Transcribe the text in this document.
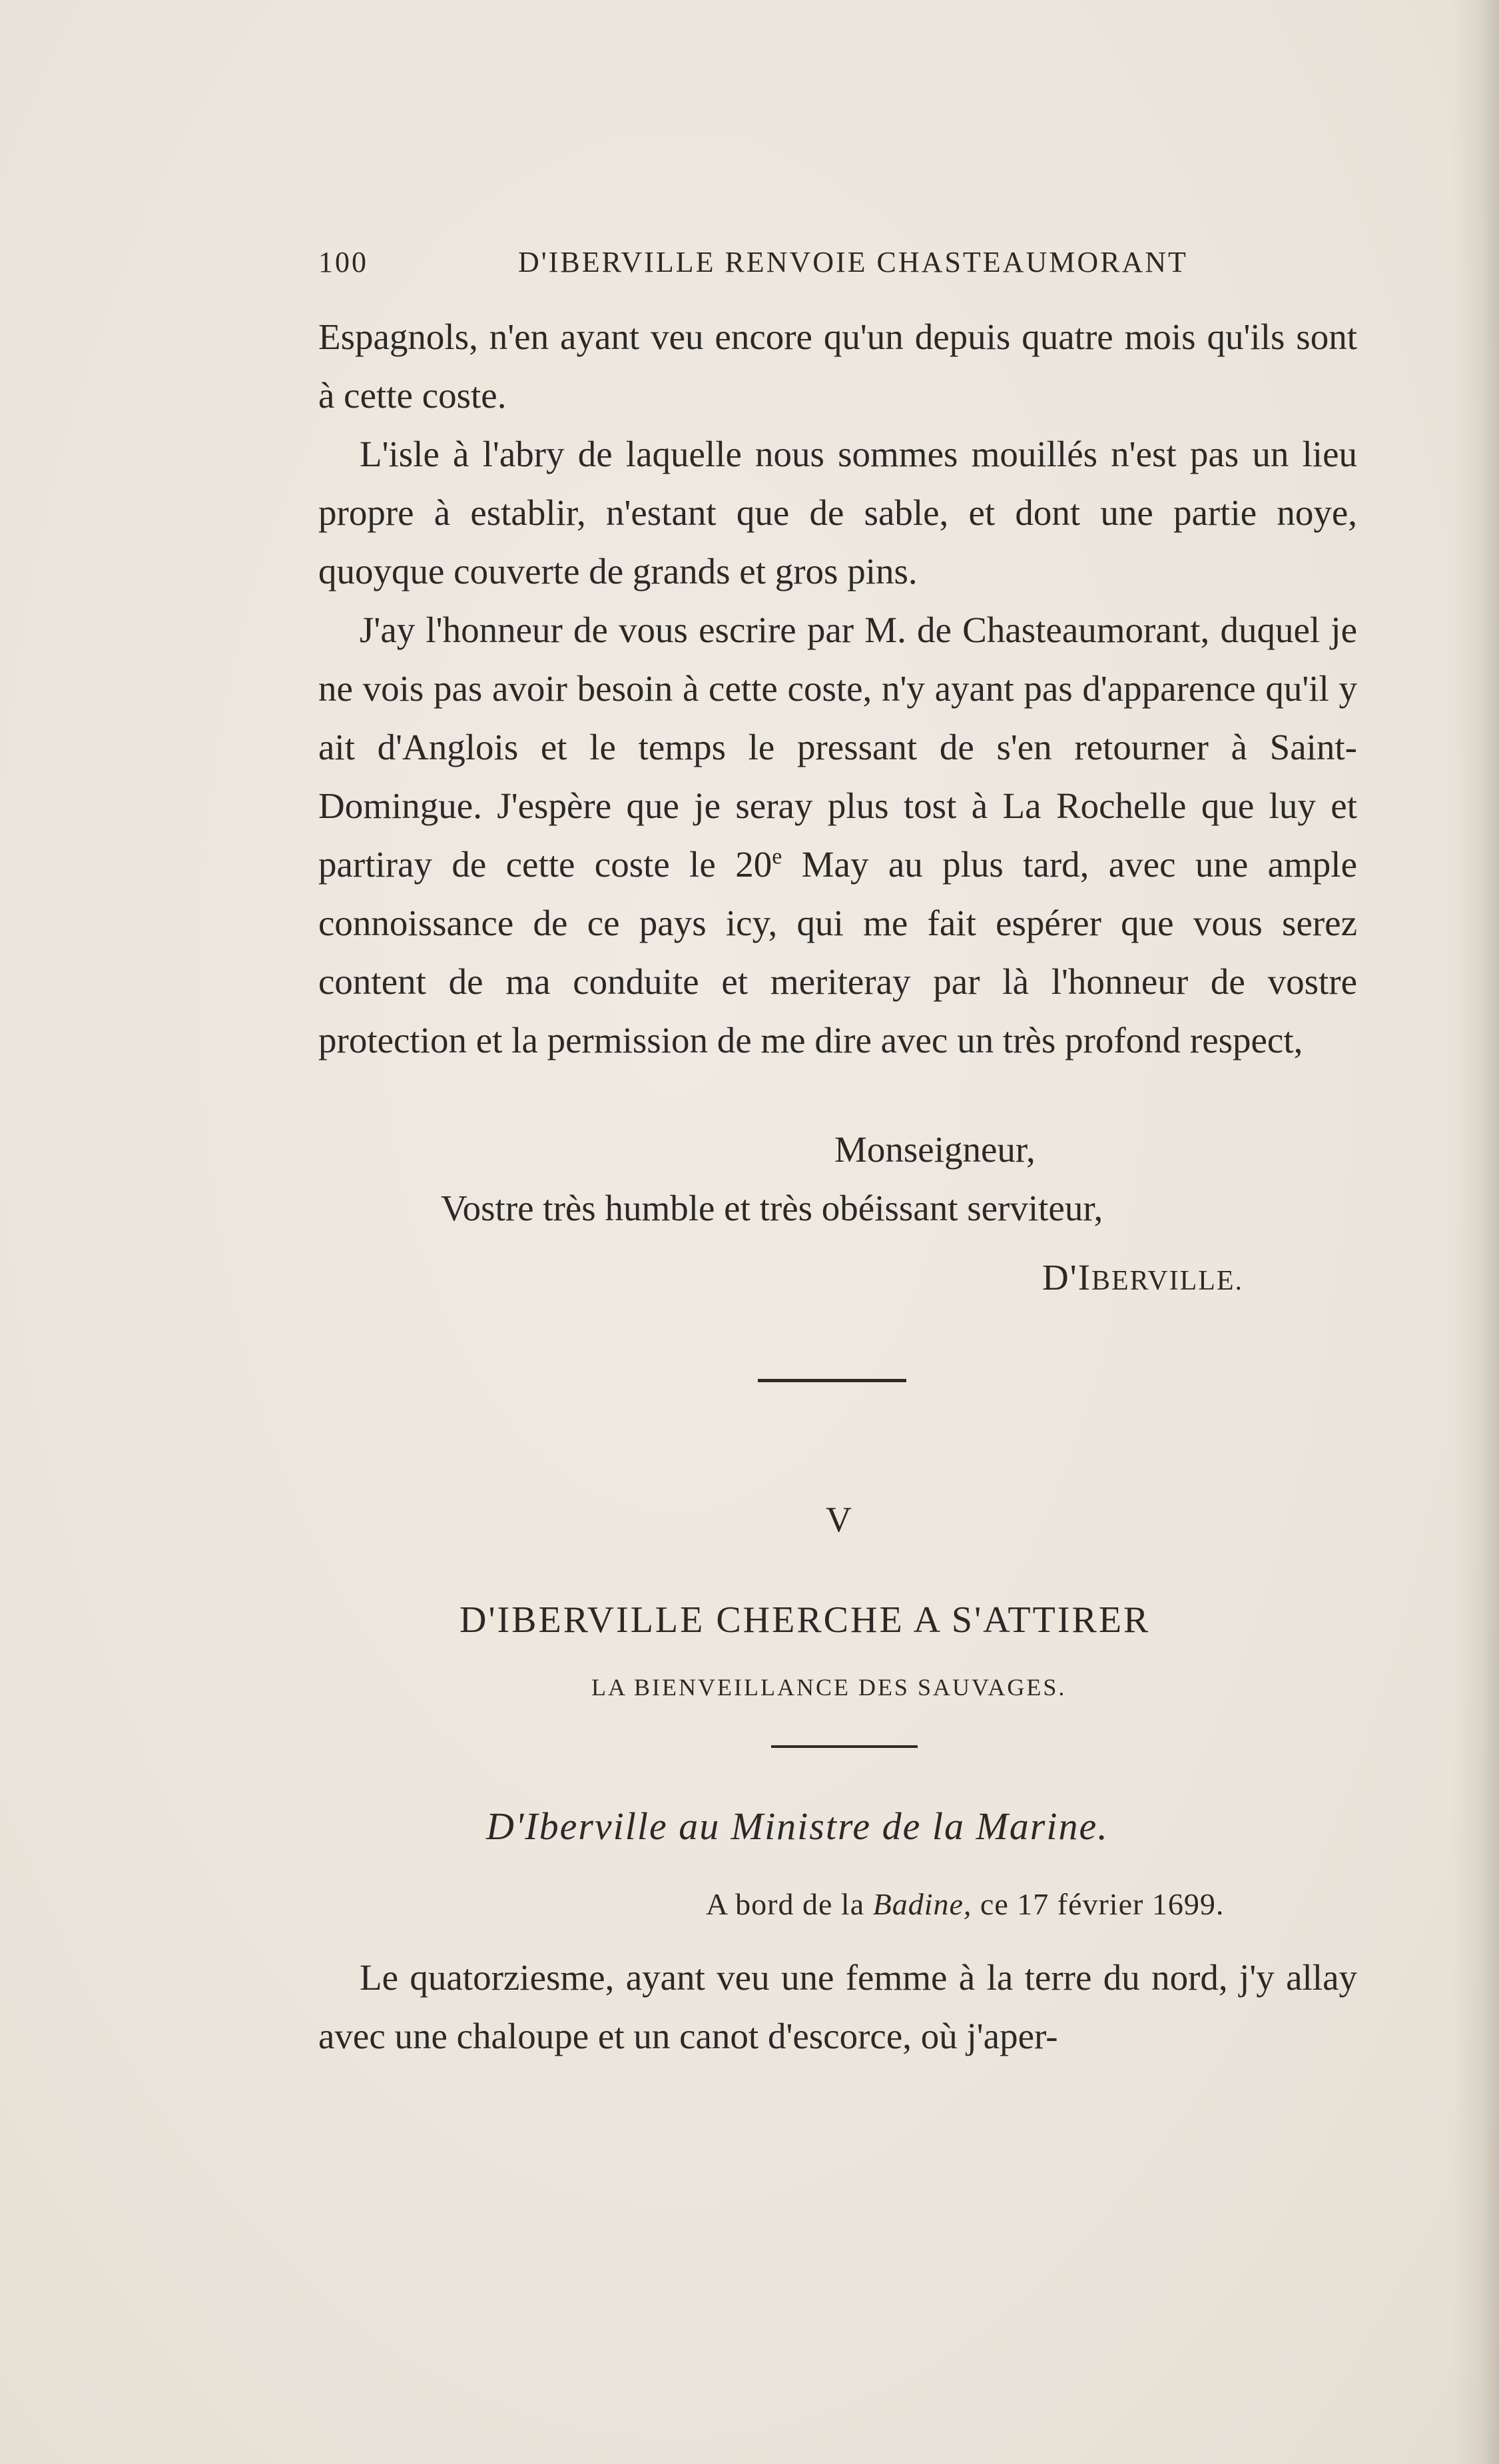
100	D'IBERVILLE RENVOIE CHASTEAUMORANT

Espagnols, n'en ayant veu encore qu'un depuis quatre mois qu'ils sont à cette coste.

L'isle à l'abry de laquelle nous sommes mouillés n'est pas un lieu propre à establir, n'estant que de sable, et dont une partie noye, quoyque couverte de grands et gros pins.

J'ay l'honneur de vous escrire par M. de Chasteaumorant, duquel je ne vois pas avoir besoin à cette coste, n'y ayant pas d'apparence qu'il y ait d'Anglois et le temps le pressant de s'en retourner à Saint-Domingue. J'espère que je seray plus tost à La Rochelle que luy et partiray de cette coste le 20e May au plus tard, avec une ample connoissance de ce pays icy, qui me fait espérer que vous serez content de ma conduite et meriteray par là l'honneur de vostre protection et la permission de me dire avec un très profond respect,

Monseigneur,
Vostre très humble et très obéissant serviteur,
D'IBERVILLE.
V
D'IBERVILLE CHERCHE A S'ATTIRER
LA BIENVEILLANCE DES SAUVAGES.
D'Iberville au Ministre de la Marine.
A bord de la Badine, ce 17 février 1699.

Le quatorziesme, ayant veu une femme à la terre du nord, j'y allay avec une chaloupe et un canot d'escorce, où j'aper-
